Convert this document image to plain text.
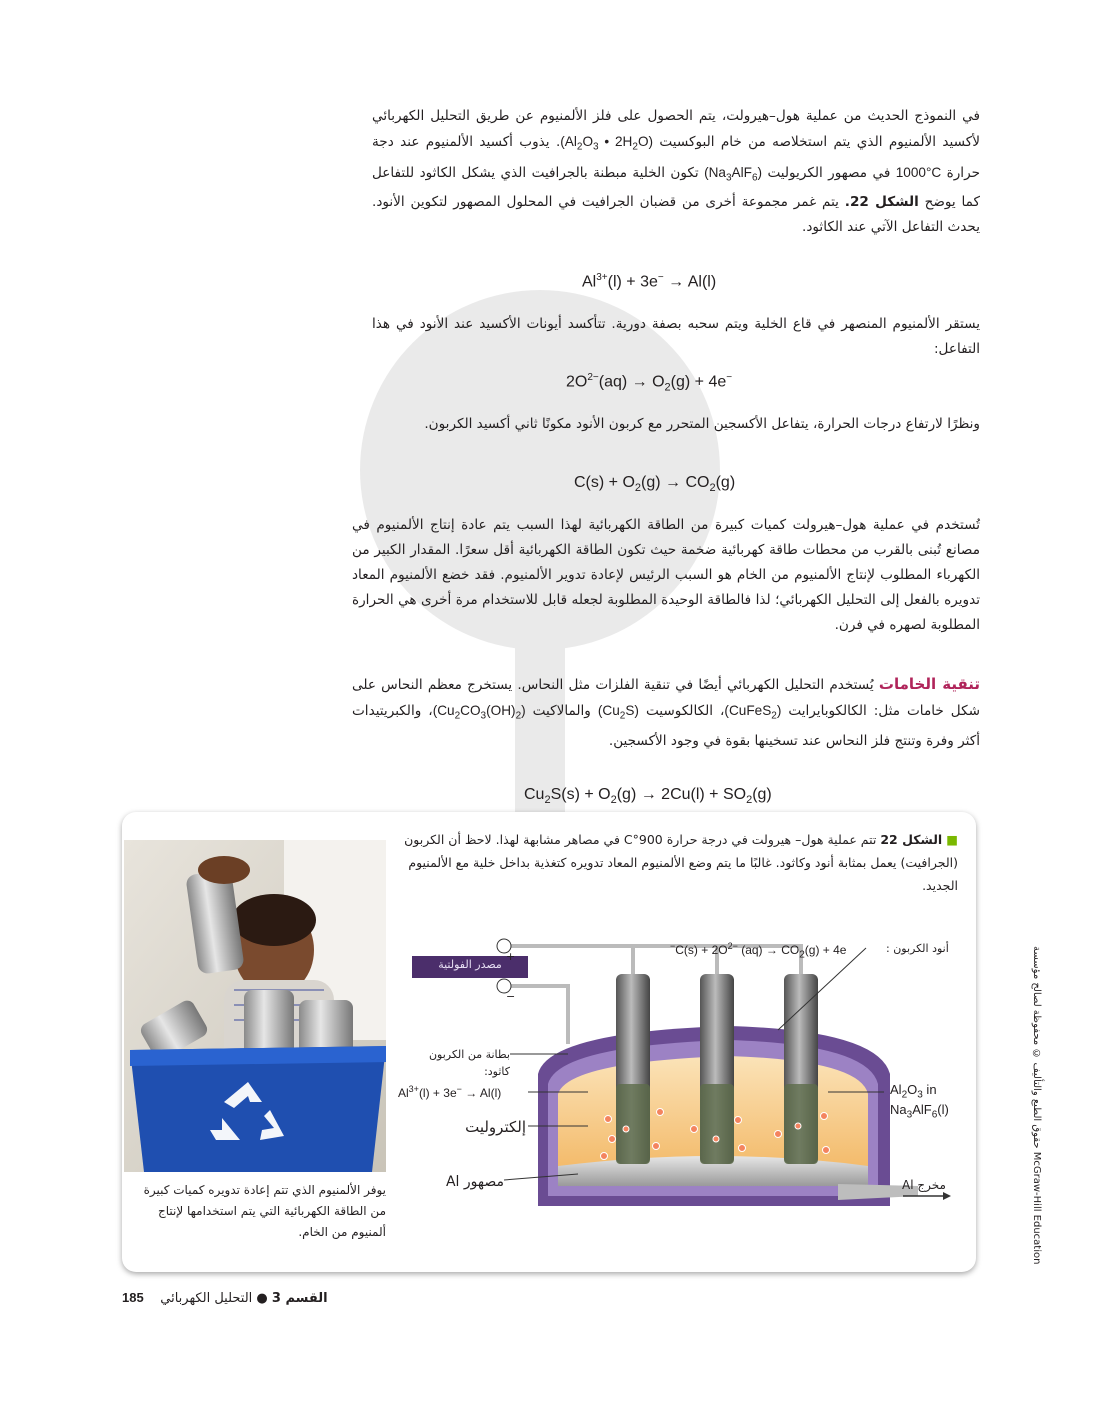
في النموذج الحديث من عملية هول–هيرولت، يتم الحصول على فلز الألمنيوم عن طريق التحليل الكهربائي لأكسيد الألمنيوم الذي يتم استخلاصه من خام البوكسيت ($Al_2O_3$ • $2H_2O$). يذوب أكسيد الألمنيوم عند دجة حرارة 1000°C في مصهور الكريوليت $(Na_3AlF_6)$ تكون الخلية مبطنة بالجرافيت الذي يشكل الكاثود للتفاعل كما يوضح الشكل 22. يتم غمر مجموعة أخرى من قضبان الجرافيت في المحلول المصهور لتكوين الأنود. يحدث التفاعل الآتي عند الكاثود.
$Al^{3+}(l) + 3e^- \to Al(l)$
يستقر الألمنيوم المنصهر في قاع الخلية ويتم سحبه بصفة دورية. تتأكسد أيونات الأكسيد عند الأنود في هذا التفاعل:
$2O^{2-}(aq) \to O_2(g) + 4e^-$
ونظرًا لارتفاع درجات الحرارة، يتفاعل الأكسجين المتحرر مع كربون الأنود مكونًا ثاني أكسيد الكربون.
$C(s) + O_2(g) \to CO_2(g)$
تُستخدم في عملية هول–هيرولت كميات كبيرة من الطاقة الكهربائية لهذا السبب يتم عادة إنتاج الألمنيوم في مصانع تُبنى بالقرب من محطات طاقة كهربائية ضخمة حيث تكون الطاقة الكهربائية أقل سعرًا. المقدار الكبير من الكهرباء المطلوب لإنتاج الألمنيوم من الخام هو السبب الرئيس لإعادة تدوير الألمنيوم. فقد خضع الألمنيوم المعاد تدويره بالفعل إلى التحليل الكهربائي؛ لذا فالطاقة الوحيدة المطلوبة لجعله قابل للاستخدام مرة أخرى هي الحرارة المطلوبة لصهره في فرن.
تنقية الخامات يُستخدم التحليل الكهربائي أيضًا في تنقية الفلزات مثل النحاس. يستخرج معظم النحاس على شكل خامات مثل: الكالكوبايرايت (CuFeS$_2$)، الكالكوسيت $(Cu_2S)$ والمالاكيت $(Cu_2CO_3(OH)_2)،$ والكبريتيدات أكثر وفرة وتنتج فلز النحاس عند تسخينها بقوة في وجود الأكسجين.
$Cu_2S(s) + O_2(g) \to 2Cu(l) + SO_2(g)$
■ الشكل 22 تتم عملية هول– هيرولت في درجة حرارة 900°C في مصاهر مشابهة لهذا. لاحظ أن الكربون (الجرافيت) يعمل بمثابة أنود وكاثود. غالبًا ما يتم وضع الألمنيوم المعاد تدويره كتغذية بداخل خلية مع الألمنيوم الجديد.
يوفر الألمنيوم الذي تتم إعادة تدويره كميات كبيرة من الطاقة الكهربائية التي يتم استخدامها لإنتاج ألمنيوم من الخام.
أنود الكربون :
$C(s) + 2O^{2-}$ $(aq) \to CO_2(g) + 4e^-$
مصدر الفولتية
+
−
بطانة من الكربون
كاثود:
$Al^{3+}(l) + 3e^- \to Al(l)$
إلكتروليت
مصهور Al
$Al_2O_3$ in
$Na_3AlF_6(l)$
مخرج Al
حقوق الطبع والتأليف © محفوظة لصالح مؤسسة McGraw-Hill Education
القسم 3 ● التحليل الكهربائي    185
